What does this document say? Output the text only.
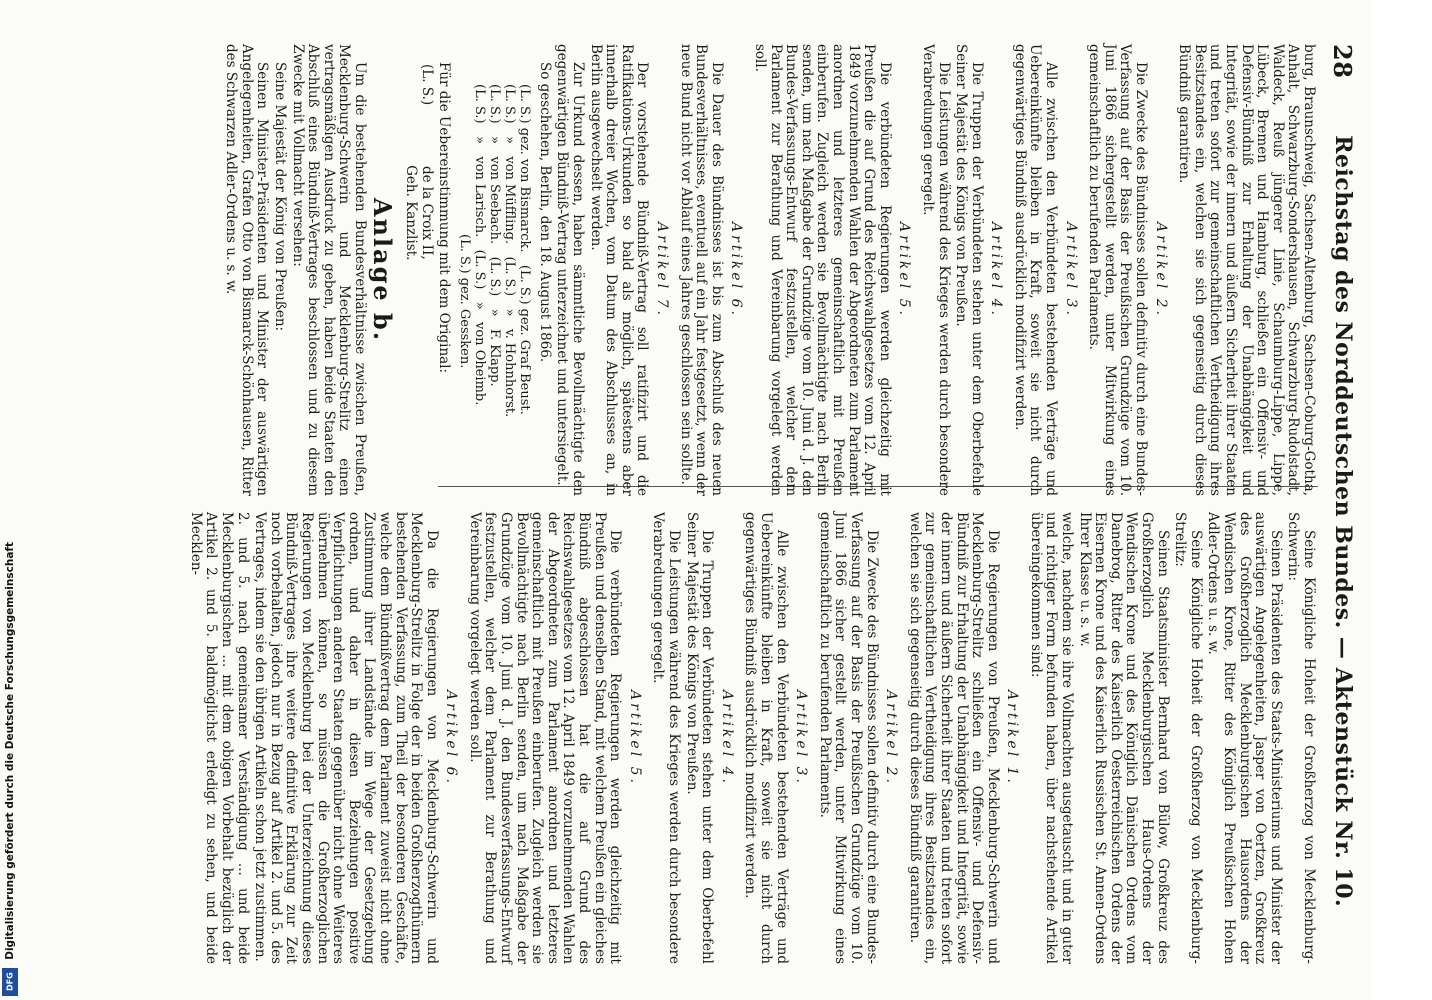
28
Reichstag des Norddeutschen Bundes. — Aktenstück Nr. 10.

burg, Braunschweig, Sachsen-Altenburg, Sachsen-Coburg-Gotha, Anhalt, Schwarzburg-Sondershausen, Schwarzburg-Rudolstadt, Waldeck, Reuß jüngerer Linie, Schaumburg-Lippe, Lippe, Lübeck, Bremen und Hamburg, schließen ein Offensiv- und Defensiv-Bündniß zur Erhaltung der Unabhängigkeit und Integrität, sowie der innern und äußern Sicherheit ihrer Staaten und treten sofort zur gemeinschaftlichen Vertheidigung ihres Besitzstandes ein, welchen sie sich gegenseitig durch dieses Bündniß garantiren.

Artikel 2.

Die Zwecke des Bündnisses sollen definitiv durch eine Bundes-Verfassung auf der Basis der Preußischen Grundzüge vom 10. Juni 1866 sichergestellt werden, unter Mitwirkung eines gemeinschaftlich zu berufenden Parlaments.

Artikel 3.

Alle zwischen den Verbündeten bestehenden Verträge und Uebereinkünfte bleiben in Kraft, soweit sie nicht durch gegenwärtiges Bündniß ausdrücklich modifizirt werden.

Artikel 4.

Die Truppen der Verbündeten stehen unter dem Oberbefehle Seiner Majestät des Königs von Preußen.

Die Leistungen während des Krieges werden durch besondere Verabredungen geregelt.

Artikel 5.

Die verbündeten Regierungen werden gleichzeitig mit Preußen die auf Grund des Reichswahlgesetzes vom 12. April 1849 vorzunehmenden Wahlen der Abgeordneten zum Parlament anordnen und letzteres gemeinschaftlich mit Preußen einberufen. Zugleich werden sie Bevollmächtigte nach Berlin senden, um nach Maßgabe der Grundzüge vom 10. Juni d. J. den Bundes-Verfassungs-Entwurf festzustellen, welcher dem Parlament zur Berathung und Vereinbarung vorgelegt werden soll.

Artikel 6.

Die Dauer des Bündnisses ist bis zum Abschluß des neuen Bundesverhältnisses, eventuell auf ein Jahr festgesetzt, wenn der neue Bund nicht vor Ablauf eines Jahres geschlossen sein sollte.

Artikel 7.

Der vorstehende Bündniß-Vertrag soll ratifizirt und die Ratifikations-Urkunden so bald als möglich, spätestens aber innerhalb dreier Wochen, vom Datum des Abschlusses an, in Berlin ausgewechselt werden.

Zur Urkund dessen, haben sämmtliche Bevollmächtigte den gegenwärtigen Bündniß-Vertrag unterzeichnet und untersiegelt.

So geschehen, Berlin, den 18. August 1866.

(L. S.) gez. von Bismarck.   (L. S.) gez. Graf Beust.
(L. S.)   »   von Müffling.   (L. S.)   »   v. Hohnhorst.
(L. S.)   »   von Seebach.   (L. S.)   »   F. Klapp.
(L. S.)   »   von Larisch.   (L. S.)   »   von Oheimb.
(L. S.) gez. Gessken.

Für die Uebereinstimmung mit dem Original:

(L. S.)
de la Croix II,
Geh. Kanzlist.
Anlage b.

Um die bestehenden Bundesverhältnisse zwischen Preußen, Mecklenburg-Schwerin und Mecklenburg-Strelitz einen vertragsmäßigen Ausdruck zu geben, haben beide Staaten den Abschluß eines Bündniß-Vertrages beschlossen und zu diesem Zwecke mit Vollmacht versehen:

Seine Majestät der König von Preußen:

Seinen Minister-Präsidenten und Minister der auswärtigen Angelegenheiten, Grafen Otto von Bismarck-Schönhausen, Ritter des Schwarzen Adler-Ordens u. s. w.

Seine Königliche Hoheit der Großherzog von Mecklenburg-Schwerin:

Seinen Präsidenten des Staats-Ministeriums und Minister der auswärtigen Angelegenheiten, Jasper von Oertzen, Großkreuz des Großherzoglich Mecklenburgischen Hausordens der Wendischen Krone, Ritter des Königlich Preußischen Hohen Adler-Ordens u. s. w.

Seine Königliche Hoheit der Großherzog von Mecklenburg-Strelitz:

Seinen Staatsminister Bernhard von Bülow, Großkreuz des Großherzoglich Mecklenburgischen Haus-Ordens der Wendischen Krone und des Königlich Dänischen Ordens vom Danebrog, Ritter des Kaiserlich Oesterreichischen Ordens der Eisernen Krone und des Kaiserlich Russischen St. Annen-Ordens Ihrer Klasse u. s. w.

welche, nachdem sie ihre Vollmachten ausgetauscht und in guter und richtiger Form befunden haben, über nachstehende Artikel übereingekommen sind:

Artikel 1.

Die Regierungen von Preußen, Mecklenburg-Schwerin und Mecklenburg-Strelitz schließen ein Offensiv- und Defensiv-Bündniß zur Erhaltung der Unabhängigkeit und Integrität, sowie der innern und äußern Sicherheit ihrer Staaten und treten sofort zur gemeinschaftlichen Vertheidigung ihres Besitzstandes ein, welchen sie sich gegenseitig durch dieses Bündniß garantiren.

Artikel 2.

Die Zwecke des Bündnisses sollen definitiv durch eine Bundes-Verfassung auf der Basis der Preußischen Grundzüge vom 10. Juni 1866 sicher gestellt werden, unter Mitwirkung eines gemeinschaftlich zu berufenden Parlaments.

Artikel 3.

Alle zwischen den Verbündeten bestehenden Verträge und Uebereinkünfte bleiben in Kraft, soweit sie nicht durch gegenwärtiges Bündniß ausdrücklich modifizirt werden.

Artikel 4.

Die Truppen der Verbündeten stehen unter dem Oberbefehl Seiner Majestät des Königs von Preußen.

Die Leistungen während des Krieges werden durch besondere Verabredungen geregelt.

Artikel 5.

Die verbündeten Regierungen werden gleichzeitig mit Preußen und denselben Stand, mit welchem Preußen ein gleiches Bündniß abgeschlossen hat die auf Grund des Reichswahlgesetzes vom 12. April 1849 vorzunehmenden Wahlen der Abgeordneten zum Parlament anordnen und letzteres gemeinschaftlich mit Preußen einberufen. Zugleich werden sie Bevollmächtigte nach Berlin senden, um nach Maßgabe der Grundzüge vom 10. Juni d. J. den Bundesverfassungs-Entwurf festzustellen, welcher dem Parlament zur Berathung und Vereinbarung vorgelegt werden soll.

Artikel 6.

Da die Regierungen von Mecklenburg-Schwerin und Mecklenburg-Strelitz in Folge der in beiden Großherzogthümern bestehenden Verfassung, zum Theil der besonderen Geschäfte, welche dem Bündnißvertrag dem Parlament zuweist nicht ohne Zustimmung ihrer Landstände im Wege der Gesetzgebung ordnen, und daher in diesen Beziehungen positive Verpflichtungen anderen Staaten gegenüber nicht ohne Weiteres übernehmen können, so müssen die Großherzoglichen Regierungen von Mecklenburg bei der Unterzeichnung dieses Bündniß-Vertrages ihre weitere definitive Erklärung zur Zeit noch vorbehalten, jedoch nur in Bezug auf Artikel 2. und 5. des Vertrages, indem sie den übrigen Artikeln schon jetzt zustimmen.

2. und 5. nach gemeinsamer Verständigung ... und beide Mecklenburgischen ... mit dem obigen Vorbehalt bezüglich der Artikel 2. und 5. baldmöglichst erledigt zu sehen, und beide Mecklen-

Digitalisierung gefördert durch die Deutsche Forschungsgemeinschaft
DFG
